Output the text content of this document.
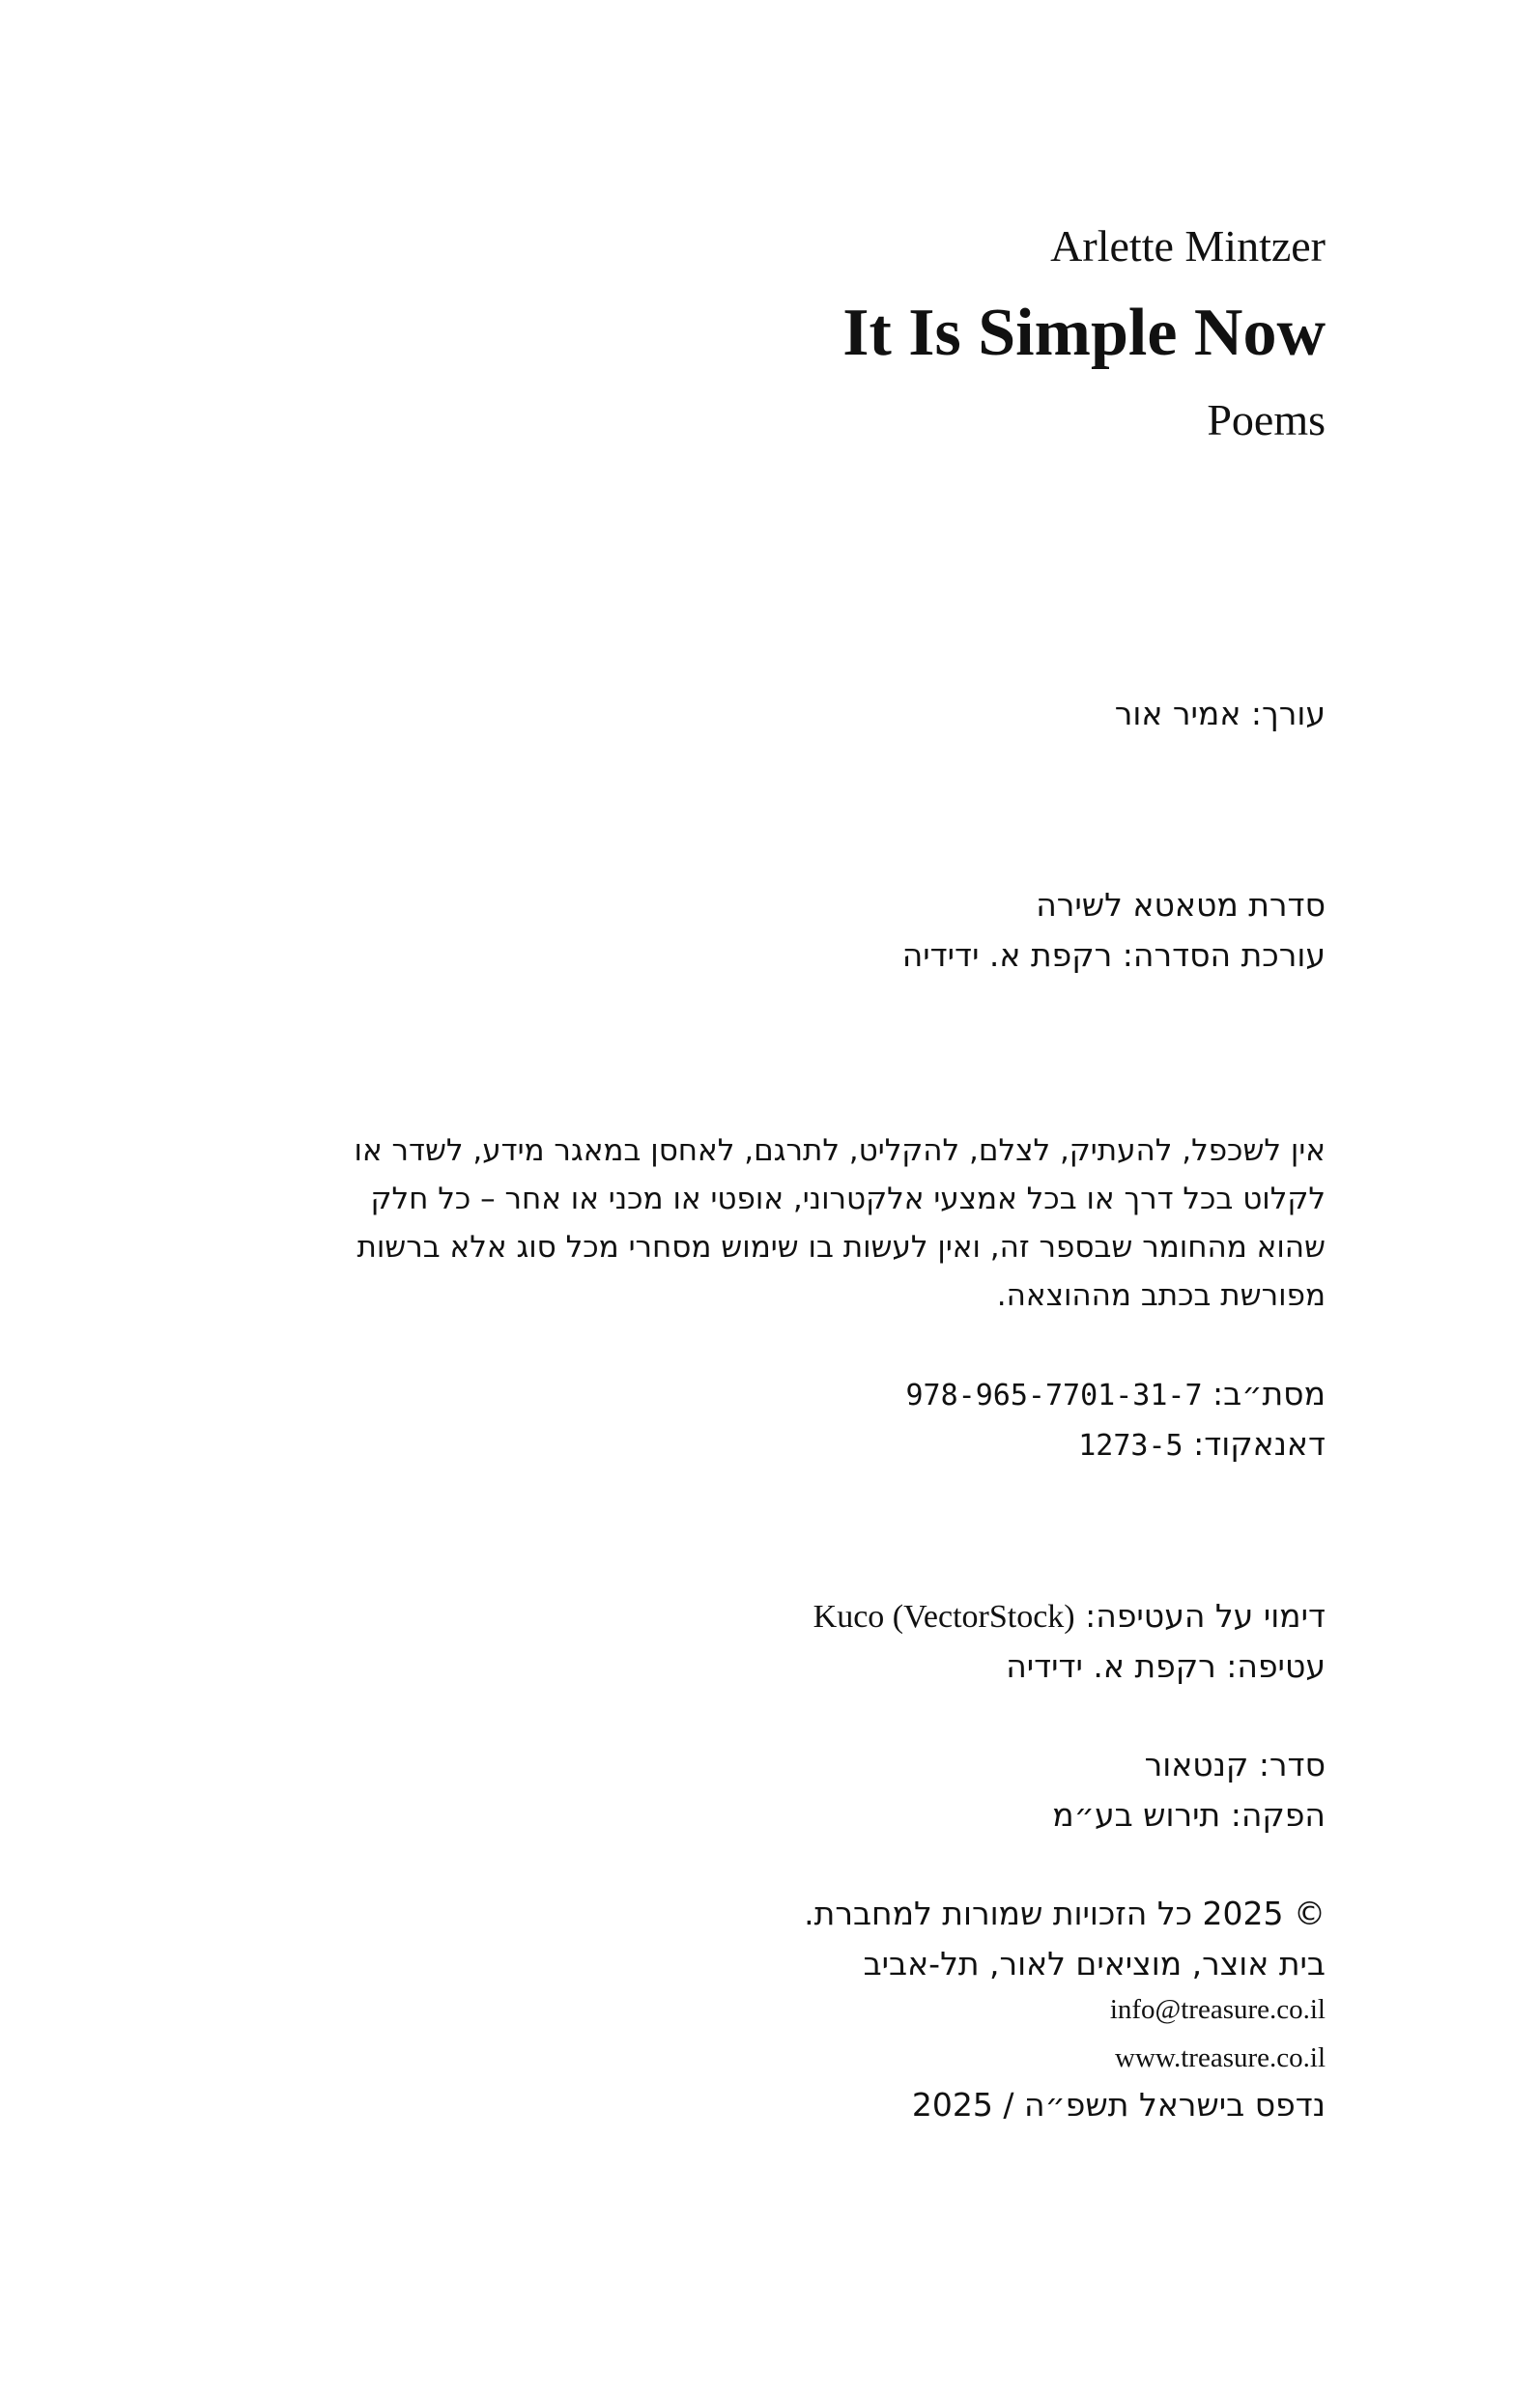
Arlette Mintzer
It Is Simple Now
Poems
עורך: אמיר אור
סדרת מטאטא לשירה
עורכת הסדרה: רקפת א. ידידיה

אין לשכפל, להעתיק, לצלם, להקליט, לתרגם, לאחסן במאגר מידע, לשדר או

לקלוט בכל דרך או בכל אמצעי אלקטרוני, אופטי או מכני או אחר – כל חלק

שהוא מהחומר שבספר זה, ואין לעשות בו שימוש מסחרי מכל סוג אלא ברשות

מפורשת בכתב מההוצאה.

מסת״ב: 978-965-7701-31-7
דאנאקוד: 1273-5
דימוי על העטיפה: Kuco (VectorStock)
עטיפה: רקפת א. ידידיה
סדר: קנטאור
הפקה: תירוש בע״מ
© 2025 כל הזכויות שמורות למחברת.
בית אוצר, מוציאים לאור, תל-אביב
info@treasure.co.il
www.treasure.co.il
נדפס בישראל תשפ״ה / 2025
